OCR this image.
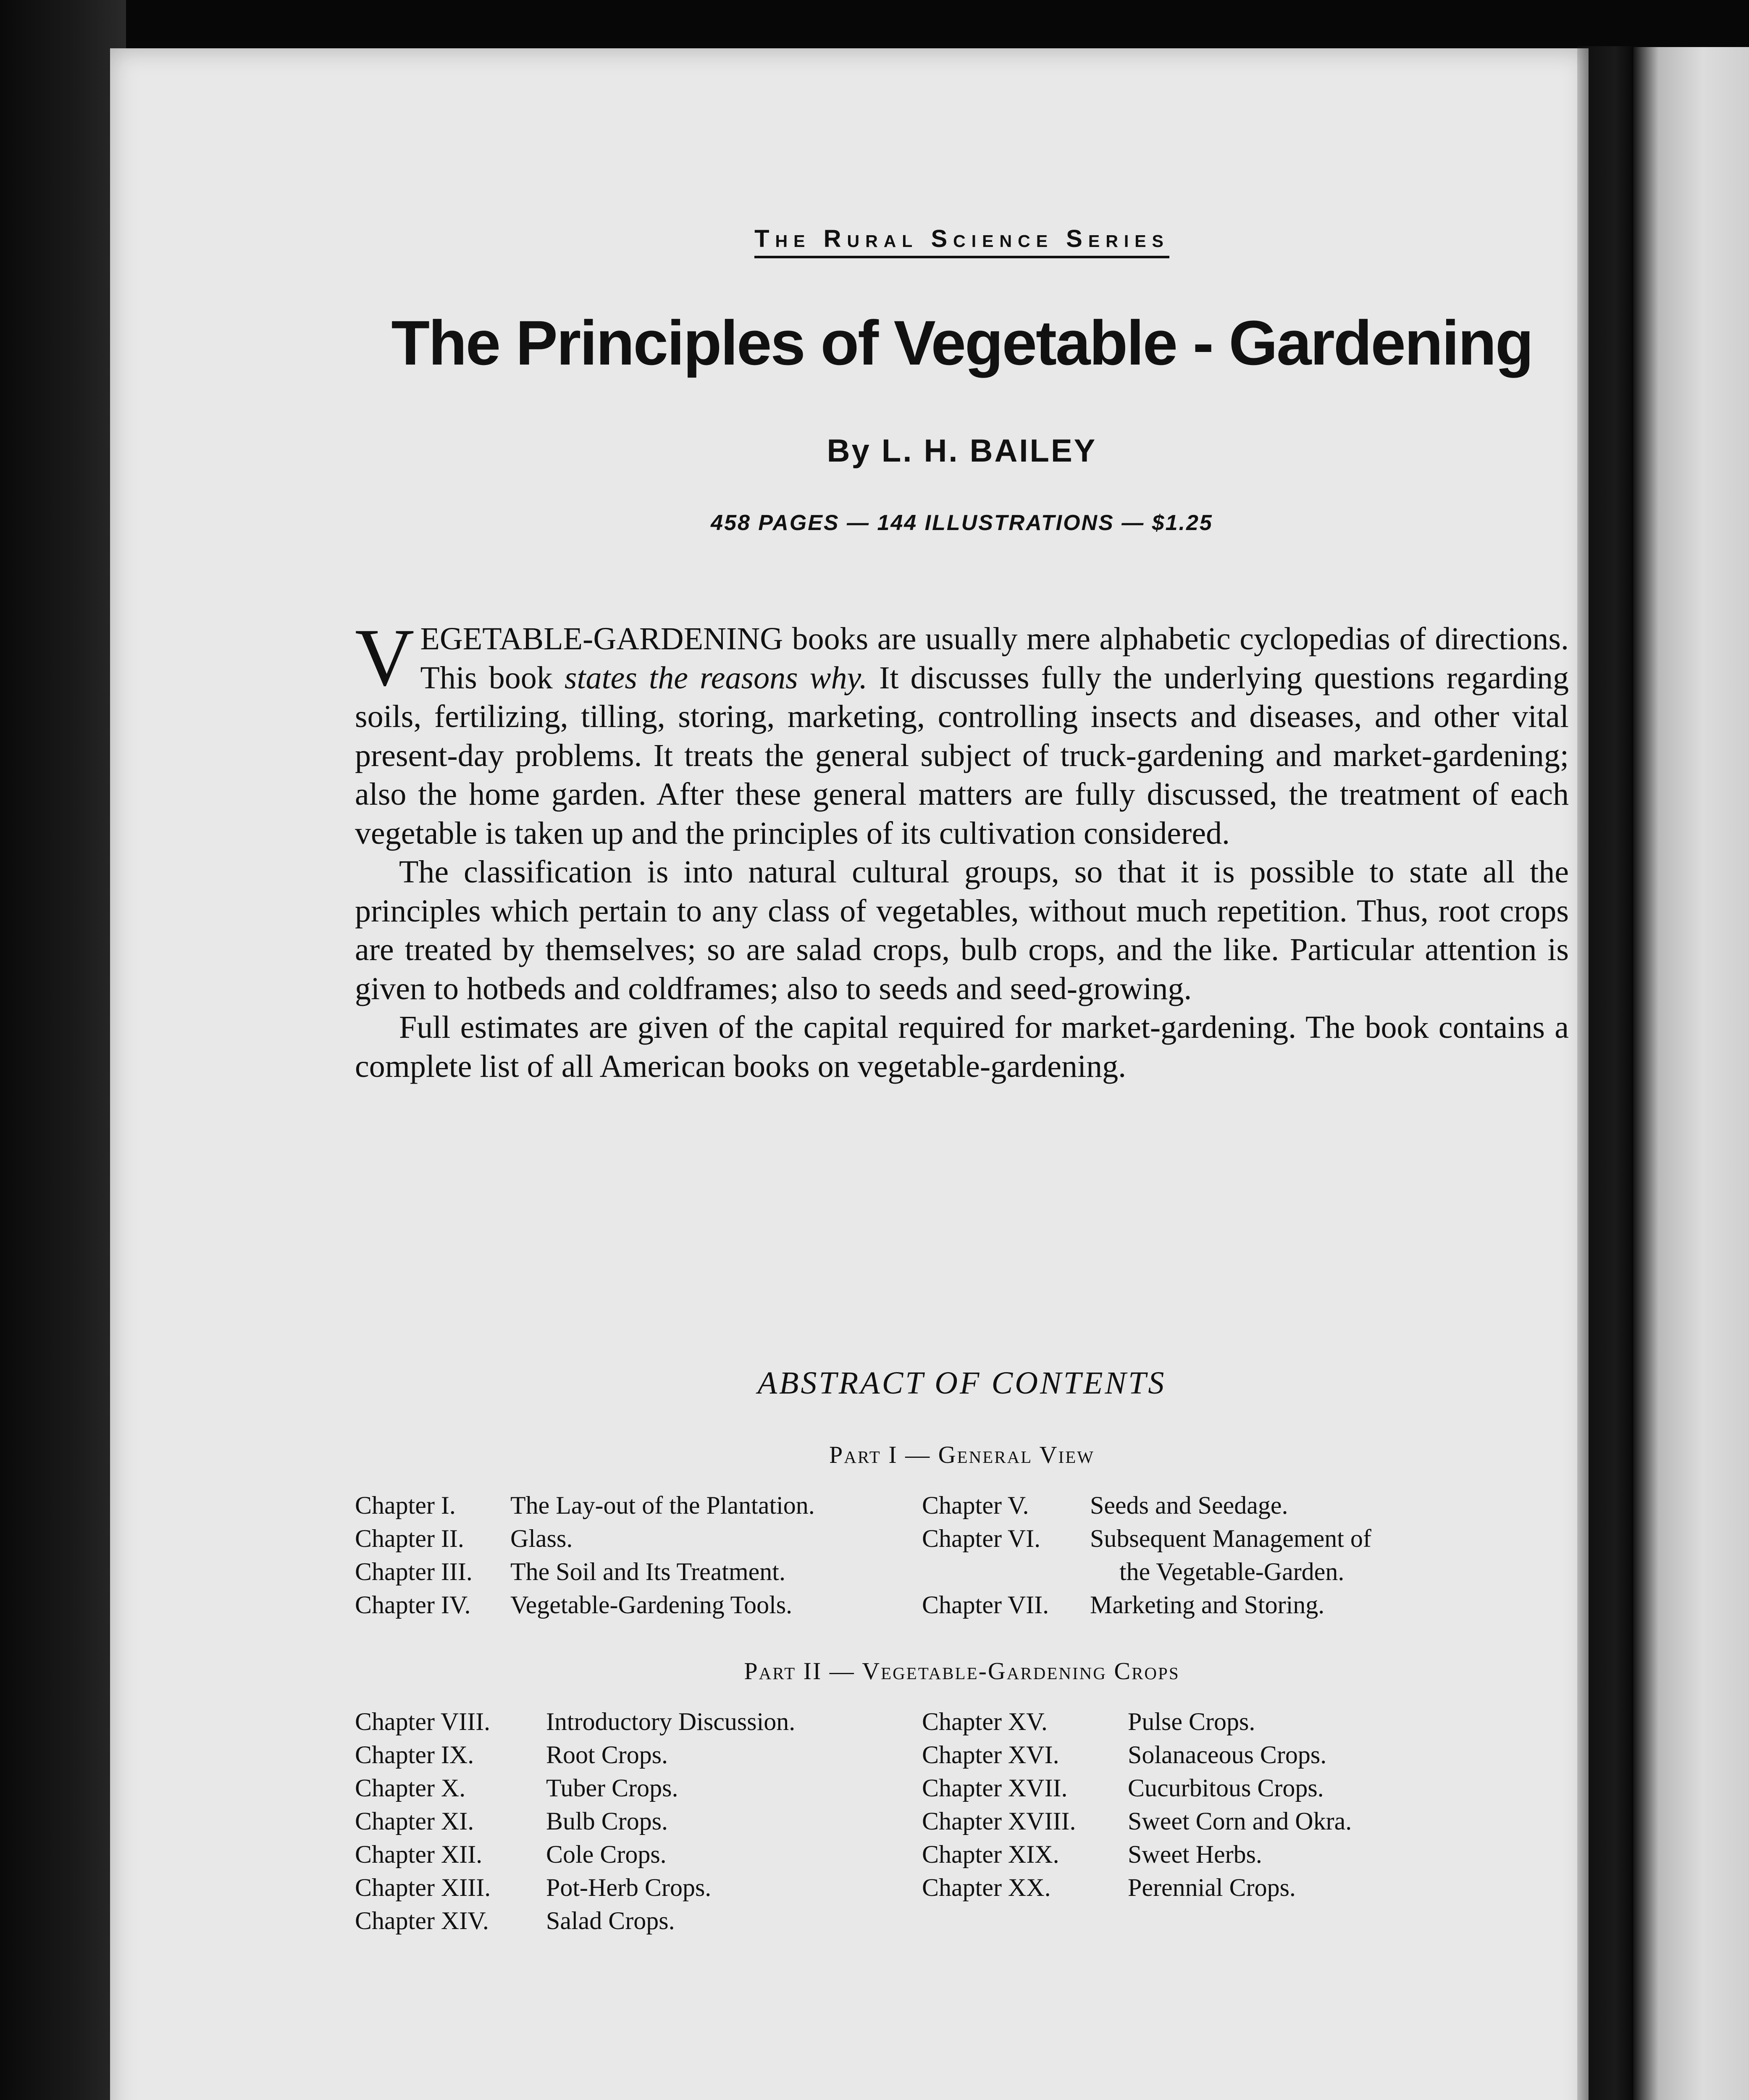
The Rural Science Series
The Principles of Vegetable - Gardening
By L. H. BAILEY
458 PAGES — 144 ILLUSTRATIONS — $1.25

VEGETABLE-GARDENING books are usually mere alphabetic cyclopedias of directions. This book states the reasons why. It discusses fully the underlying questions regarding soils, fertilizing, tilling, storing, marketing, controlling insects and diseases, and other vital present-day problems. It treats the general subject of truck-gardening and market-gardening; also the home garden. After these general matters are fully discussed, the treatment of each vegetable is taken up and the principles of its cultivation considered.

The classification is into natural cultural groups, so that it is possible to state all the principles which pertain to any class of vegetables, without much repetition. Thus, root crops are treated by themselves; so are salad crops, bulb crops, and the like. Particular attention is given to hotbeds and coldframes; also to seeds and seed-growing.

Full estimates are given of the capital required for market-gardening. The book contains a complete list of all American books on vegetable-gardening.

ABSTRACT OF CONTENTS
Part I — General View
Chapter I.	The Lay-out of the Plantation.
Chapter II.	Glass.
Chapter III.	The Soil and Its Treatment.
Chapter IV.	Vegetable-Gardening Tools.
Chapter V.	Seeds and Seedage.
Chapter VI.	Subsequent Management of
the Vegetable-Garden.
Chapter VII.	Marketing and Storing.
Part II — Vegetable-Gardening Crops
Chapter VIII.	Introductory Discussion.
Chapter IX.	Root Crops.
Chapter X.	Tuber Crops.
Chapter XI.	Bulb Crops.
Chapter XII.	Cole Crops.
Chapter XIII.	Pot-Herb Crops.
Chapter XIV.	Salad Crops.
Chapter XV.	Pulse Crops.
Chapter XVI.	Solanaceous Crops.
Chapter XVII.	Cucurbitous Crops.
Chapter XVIII.	Sweet Corn and Okra.
Chapter XIX.	Sweet Herbs.
Chapter XX.	Perennial Crops.
